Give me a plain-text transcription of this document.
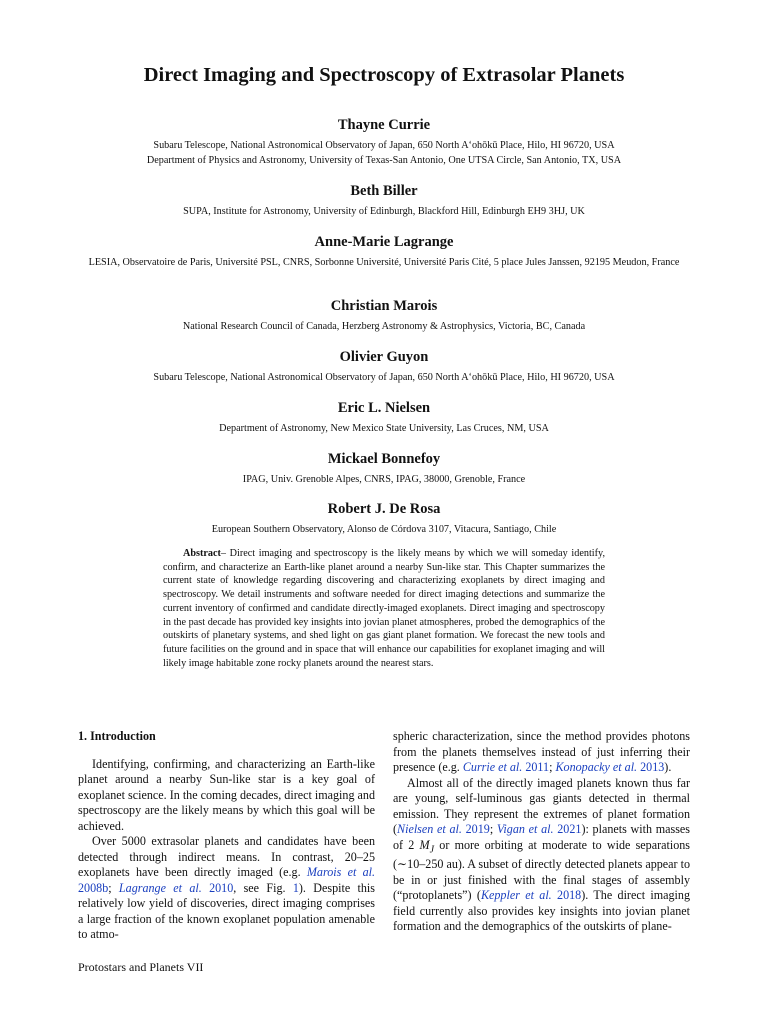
Direct Imaging and Spectroscopy of Extrasolar Planets
Thayne Currie
Subaru Telescope, National Astronomical Observatory of Japan, 650 North A‘ohōkū Place, Hilo, HI 96720, USA
Department of Physics and Astronomy, University of Texas-San Antonio, One UTSA Circle, San Antonio, TX, USA
Beth Biller
SUPA, Institute for Astronomy, University of Edinburgh, Blackford Hill, Edinburgh EH9 3HJ, UK
Anne-Marie Lagrange
LESIA, Observatoire de Paris, Université PSL, CNRS, Sorbonne Université, Université Paris Cité, 5 place Jules Janssen, 92195 Meudon, France
Christian Marois
National Research Council of Canada, Herzberg Astronomy & Astrophysics, Victoria, BC, Canada
Olivier Guyon
Subaru Telescope, National Astronomical Observatory of Japan, 650 North A‘ohōkū Place, Hilo, HI 96720, USA
Eric L. Nielsen
Department of Astronomy, New Mexico State University, Las Cruces, NM, USA
Mickael Bonnefoy
IPAG, Univ. Grenoble Alpes, CNRS, IPAG, 38000, Grenoble, France
Robert J. De Rosa
European Southern Observatory, Alonso de Córdova 3107, Vitacura, Santiago, Chile

Abstract– Direct imaging and spectroscopy is the likely means by which we will someday identify, confirm, and characterize an Earth-like planet around a nearby Sun-like star. This Chapter summarizes the current state of knowledge regarding discovering and characterizing exoplanets by direct imaging and spectroscopy. We detail instruments and software needed for direct imaging detections and summarize the current inventory of confirmed and candidate directly-imaged exoplanets. Direct imaging and spectroscopy in the past decade has provided key insights into jovian planet atmospheres, probed the demographics of the outskirts of planetary systems, and shed light on gas giant planet formation. We forecast the new tools and future facilities on the ground and in space that will enhance our capabilities for exoplanet imaging and will likely image habitable zone rocky planets around the nearest stars.

1. Introduction

Identifying, confirming, and characterizing an Earth-like planet around a nearby Sun-like star is a key goal of exoplanet science. In the coming decades, direct imaging and spectroscopy are the likely means by which this goal will be achieved.

Over 5000 extrasolar planets and candidates have been detected through indirect means. In contrast, 20–25 exoplanets have been directly imaged (e.g. Marois et al. 2008b; Lagrange et al. 2010, see Fig. 1). Despite this relatively low yield of discoveries, direct imaging comprises a large fraction of the known exoplanet population amenable to atmo-

spheric characterization, since the method provides photons from the planets themselves instead of just inferring their presence (e.g. Currie et al. 2011; Konopacky et al. 2013).

Almost all of the directly imaged planets known thus far are young, self-luminous gas giants detected in thermal emission. They represent the extremes of planet formation (Nielsen et al. 2019; Vigan et al. 2021): planets with masses of 2 $M_J$ or more orbiting at moderate to wide separations (∼10–250 au). A subset of directly detected planets appear to be in or just finished with the final stages of assembly (“protoplanets”) (Keppler et al. 2018). The direct imaging field currently also provides key insights into jovian planet formation and the demographics of the outskirts of plane-

Protostars and Planets VII
